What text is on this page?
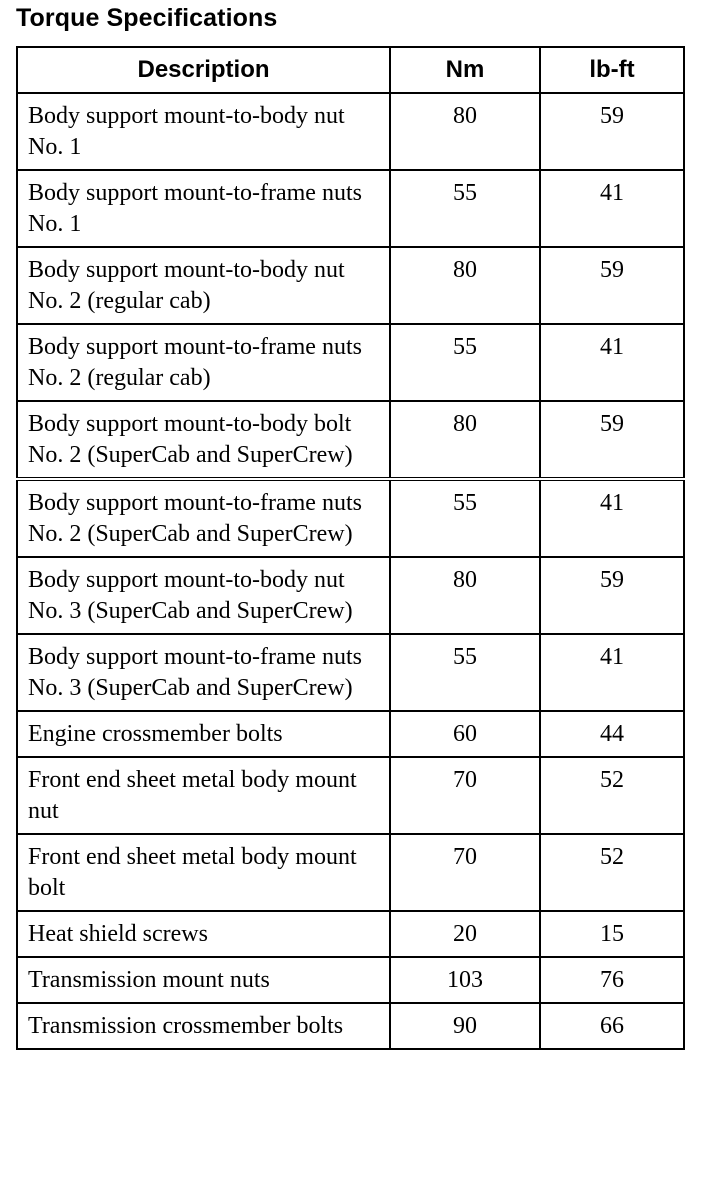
Torque Specifications
Description	Nm	lb-ft
Body support mount-to-body nut No. 1	80	59
Body support mount-to-frame nuts No. 1	55	41
Body support mount-to-body nut No. 2 (regular cab)	80	59
Body support mount-to-frame nuts No. 2 (regular cab)	55	41
Body support mount-to-body bolt No. 2 (SuperCab and SuperCrew)	80	59
Body support mount-to-frame nuts No. 2 (SuperCab and SuperCrew)	55	41
Body support mount-to-body nut No. 3 (SuperCab and SuperCrew)	80	59
Body support mount-to-frame nuts No. 3 (SuperCab and SuperCrew)	55	41
Engine crossmember bolts	60	44
Front end sheet metal body mount nut	70	52
Front end sheet metal body mount bolt	70	52
Heat shield screws	20	15
Transmission mount nuts	103	76
Transmission crossmember bolts	90	66
